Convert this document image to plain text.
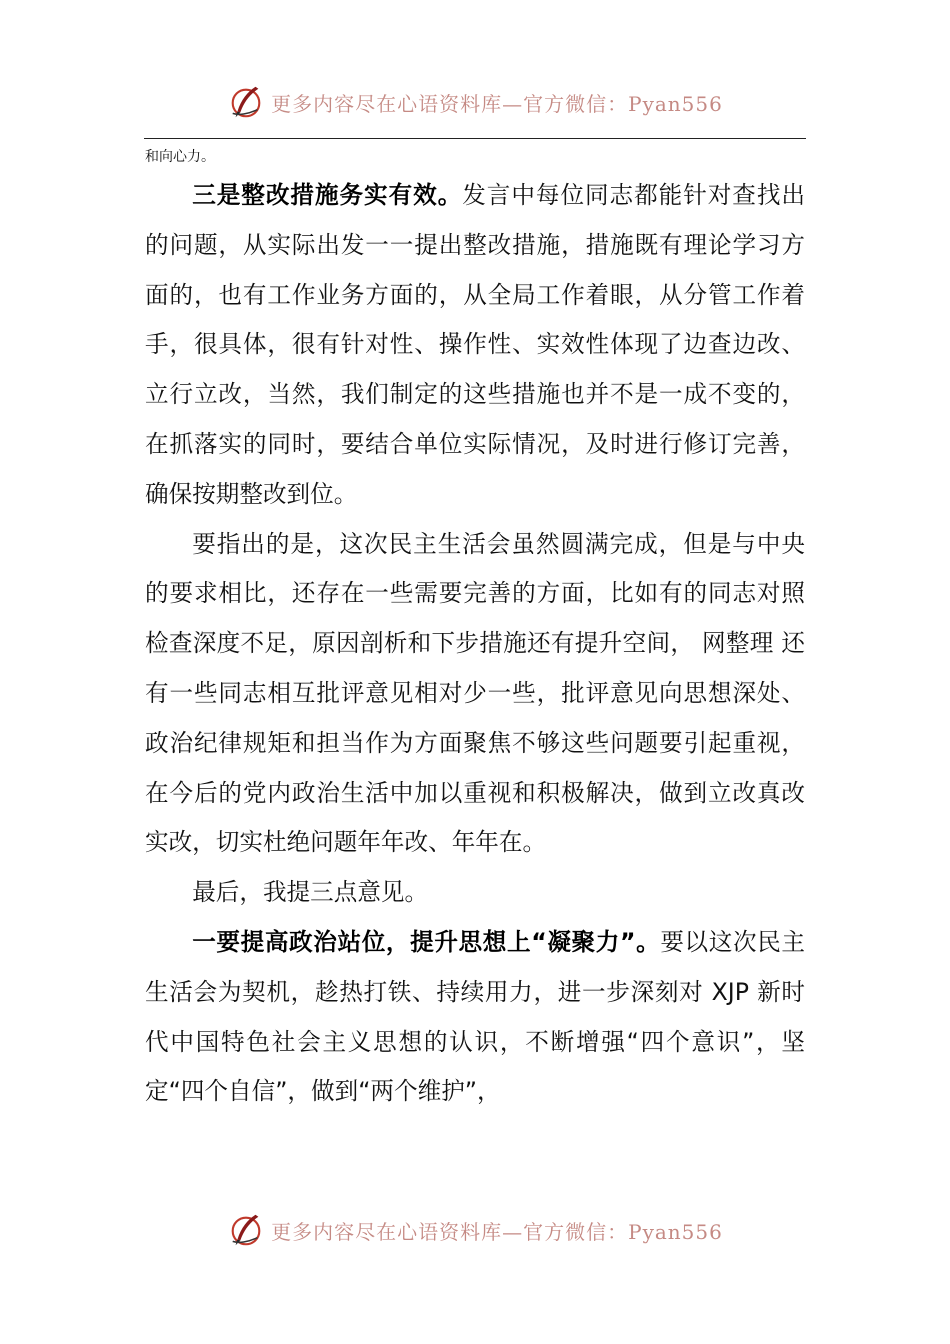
更多内容尽在心语资料库—官方微信：Pyan556

和向心力。

三是整改措施务实有效。发言中每位同志都能针对查找出的问题，从实际出发一一提出整改措施，措施既有理论学习方面的，也有工作业务方面的，从全局工作着眼，从分管工作着手，很具体，很有针对性、操作性、实效性体现了边查边改、立行立改，当然，我们制定的这些措施也并不是一成不变的，在抓落实的同时，要结合单位实际情况，及时进行修订完善，确保按期整改到位。

要指出的是，这次民主生活会虽然圆满完成，但是与中央的要求相比，还存在一些需要完善的方面，比如有的同志对照检查深度不足，原因剖析和下步措施还有提升空间， 网整理 还有一些同志相互批评意见相对少一些，批评意见向思想深处、政治纪律规矩和担当作为方面聚焦不够这些问题要引起重视，在今后的党内政治生活中加以重视和积极解决，做到立改真改实改，切实杜绝问题年年改、年年在。

最后，我提三点意见。

一要提高政治站位，提升思想上“凝聚力”。要以这次民主生活会为契机，趁热打铁、持续用力，进一步深刻对 XJP 新时代中国特色社会主义思想的认识，不断增强“四个意识”，坚定“四个自信”，做到“两个维护”，

更多内容尽在心语资料库—官方微信：Pyan556
